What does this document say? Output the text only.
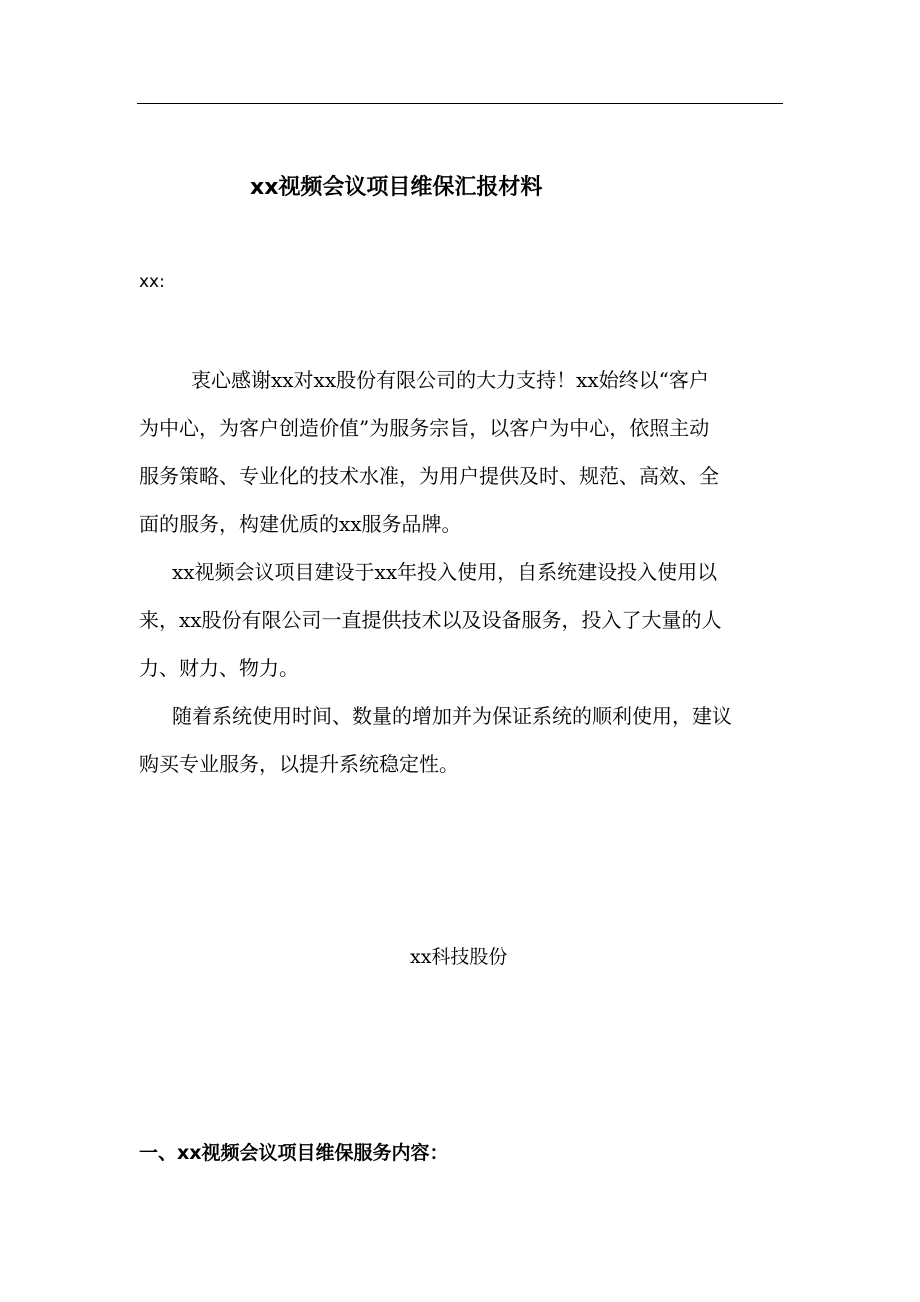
xx视频会议项目维保汇报材料
xx:
衷心感谢xx对xx股份有限公司的大力支持！xx始终以“客户
为中心，为客户创造价值”为服务宗旨，以客户为中心，依照主动
服务策略、专业化的技术水准，为用户提供及时、规范、高效、全
面的服务，构建优质的xx服务品牌。
xx视频会议项目建设于xx年投入使用，自系统建设投入使用以
来，xx股份有限公司一直提供技术以及设备服务，投入了大量的人
力、财力、物力。
随着系统使用时间、数量的增加并为保证系统的顺利使用，建议
购买专业服务，以提升系统稳定性。
xx科技股份
一、xx视频会议项目维保服务内容：
